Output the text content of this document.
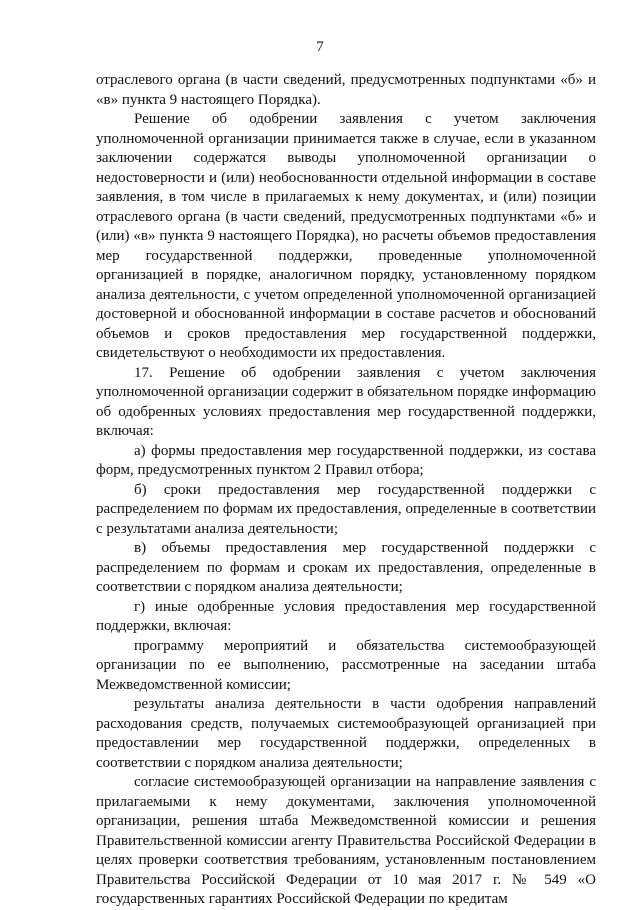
7

отраслевого органа (в части сведений, предусмотренных подпунктами «б» и «в» пункта 9 настоящего Порядка).

Решение об одобрении заявления с учетом заключения уполномоченной организации принимается также в случае, если в указанном заключении содержатся выводы уполномоченной организации о недостоверности и (или) необоснованности отдельной информации в составе заявления, в том числе в прилагаемых к нему документах, и (или) позиции отраслевого органа (в части сведений, предусмотренных подпунктами «б» и (или) «в» пункта 9 настоящего Порядка), но расчеты объемов предоставления мер государственной поддержки, проведенные уполномоченной организацией в порядке, аналогичном порядку, установленному порядком анализа деятельности, с учетом определенной уполномоченной организацией достоверной и обоснованной информации в составе расчетов и обоснований объемов и сроков предоставления мер государственной поддержки, свидетельствуют о необходимости их предоставления.

17. Решение об одобрении заявления с учетом заключения уполномоченной организации содержит в обязательном порядке информацию об одобренных условиях предоставления мер государственной поддержки, включая:

а) формы предоставления мер государственной поддержки, из состава форм, предусмотренных пунктом 2 Правил отбора;

б) сроки предоставления мер государственной поддержки с распределением по формам их предоставления, определенные в соответствии с результатами анализа деятельности;

в) объемы предоставления мер государственной поддержки с распределением по формам и срокам их предоставления, определенные в соответствии с порядком анализа деятельности;

г) иные одобренные условия предоставления мер государственной поддержки, включая:

программу мероприятий и обязательства системообразующей организации по ее выполнению, рассмотренные на заседании штаба Межведомственной комиссии;

результаты анализа деятельности в части одобрения направлений расходования средств, получаемых системообразующей организацией при предоставлении мер государственной поддержки, определенных в соответствии с порядком анализа деятельности;

согласие системообразующей организации на направление заявления с прилагаемыми к нему документами, заключения уполномоченной организации, решения штаба Межведомственной комиссии и решения Правительственной комиссии агенту Правительства Российской Федерации в целях проверки соответствия требованиям, установленным постановлением Правительства Российской Федерации от 10 мая 2017 г. № 549 «О государственных гарантиях Российской Федерации по кредитам
